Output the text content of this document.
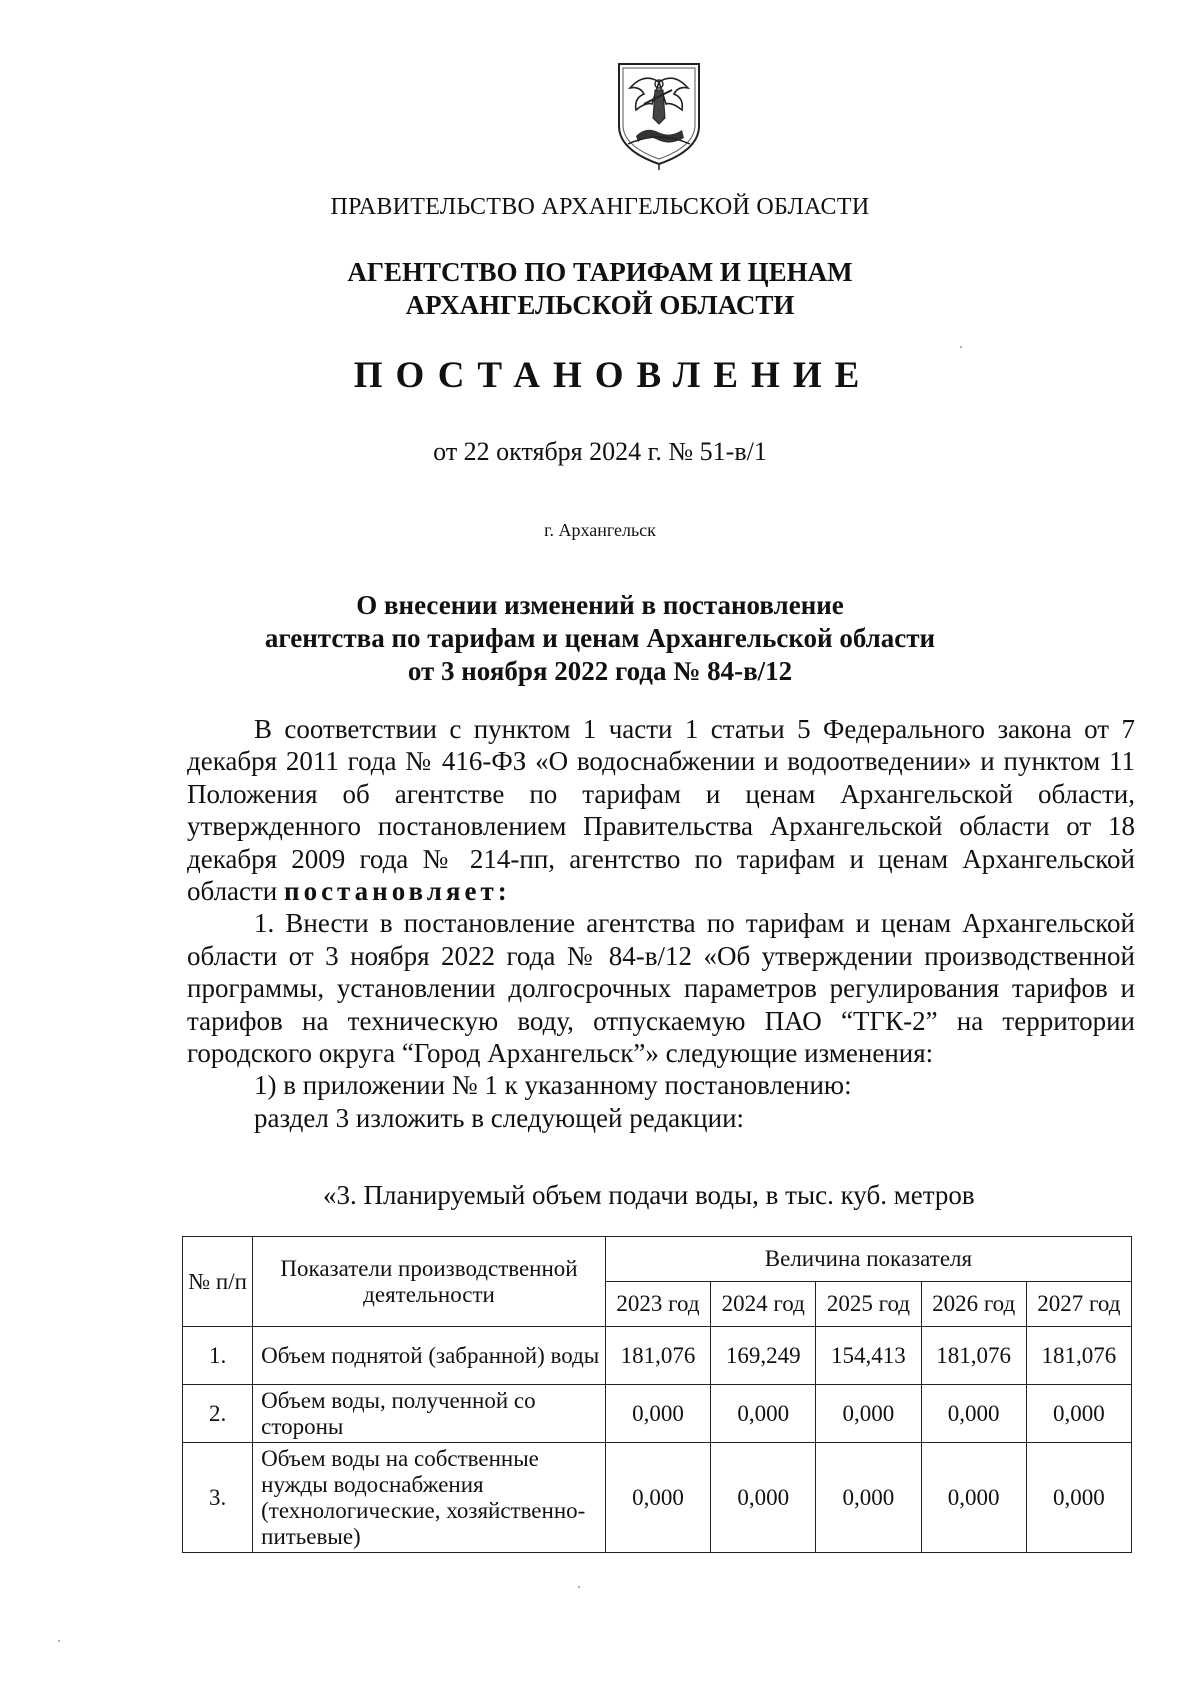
ПРАВИТЕЛЬСТВО АРХАНГЕЛЬСКОЙ ОБЛАСТИ
АГЕНТСТВО ПО ТАРИФАМ И ЦЕНАМ
АРХАНГЕЛЬСКОЙ ОБЛАСТИ
ПОСТАНОВЛЕНИЕ
от 22 октября 2024 г. № 51-в/1
г. Архангельск
О внесении изменений в постановление
агентства по тарифам и ценам Архангельской области
от 3 ноября 2022 года № 84-в/12

В соответствии с пунктом 1 части 1 статьи 5 Федерального закона от 7 декабря 2011 года № 416-ФЗ «О водоснабжении и водоотведении» и пунктом 11 Положения об агентстве по тарифам и ценам Архангельской области, утвержденного постановлением Правительства Архангельской области от 18 декабря 2009 года № 214-пп, агентство по тарифам и ценам Архангельской области постановляет:

1. Внести в постановление агентства по тарифам и ценам Архангельской области от 3 ноября 2022 года № 84-в/12 «Об утверждении производственной программы, установлении долгосрочных параметров регулирования тарифов и тарифов на техническую воду, отпускаемую ПАО “ТГК-2” на территории городского округа “Город Архангельск”» следующие изменения:

1) в приложении № 1 к указанному постановлению:

раздел 3 изложить в следующей редакции:

«3. Планируемый объем подачи воды, в тыс. куб. метров
№ п/п	Показатели производственной деятельности	Величина показателя				
		2023 год	2024 год	2025 год	2026 год	2027 год
1.	Объем поднятой (забранной) воды	181,076	169,249	154,413	181,076	181,076
2.	Объем воды, полученной со стороны	0,000	0,000	0,000	0,000	0,000
3.	Объем воды на собственные нужды водоснабжения (технологические, хозяйственно-питьевые)	0,000	0,000	0,000	0,000	0,000
